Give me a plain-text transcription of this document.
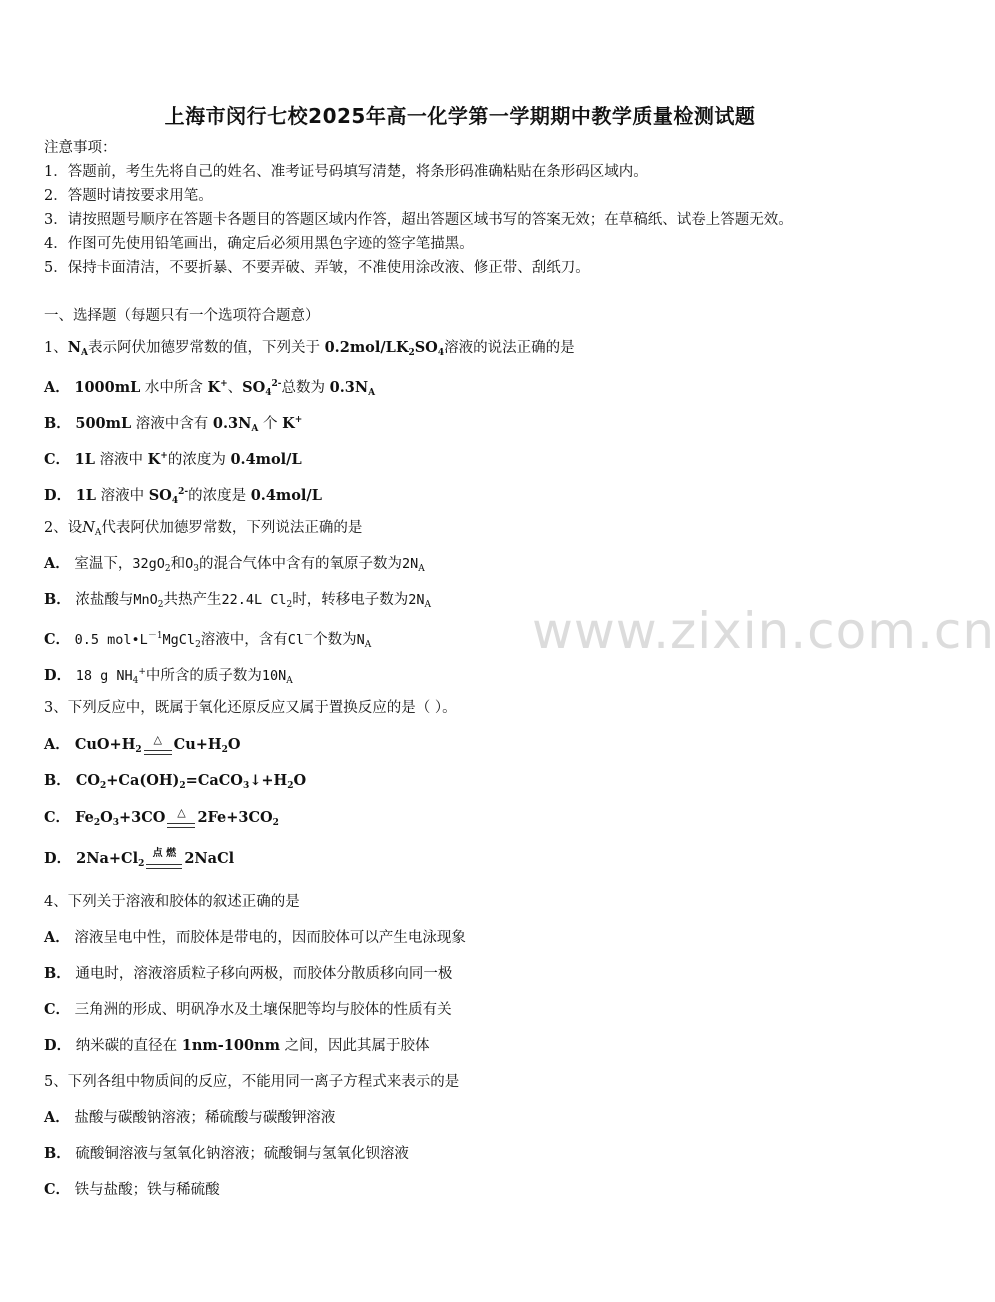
上海市闵行七校2025年高一化学第一学期期中教学质量检测试题
注意事项：
1．答题前，考生先将自己的姓名、准考证号码填写清楚，将条形码准确粘贴在条形码区域内。
2．答题时请按要求用笔。
3．请按照题号顺序在答题卡各题目的答题区域内作答，超出答题区域书写的答案无效；在草稿纸、试卷上答题无效。
4．作图可先使用铅笔画出，确定后必须用黑色字迹的签字笔描黑。
5．保持卡面清洁，不要折暴、不要弄破、弄皱，不准使用涂改液、修正带、刮纸刀。
一、选择题（每题只有一个选项符合题意）
1、$N_A$表示阿伏加德罗常数的值，下列关于 $0.2mol/LK_2SO_4$溶液的说法正确的是
A． 1000mL 水中所含 K+、$SO_4^{2-}$总数为 $0.3N_A$
B． 500mL 溶液中含有 $0.3N_A$ 个 K+
C． 1L 溶液中 K+的浓度为 0.4mol/L
D． 1L 溶液中 $SO_4^{2-}$的浓度是 0.4mol/L
2、设$N_A$代表阿伏加德罗常数，下列说法正确的是
A． 室温下，$32gO_2$和$O_3$的混合气体中含有的氧原子数为$2N_A$
B． 浓盐酸与MnO$_2$共热产生22.4L $Cl_2$时，转移电子数为$2N_A$
C． 0.5 $mol•L^{-1}MgCl_2$溶液中，含有Cl－个数为$N_A$
D． 18 g $NH_4^+$中所含的质子数为$10N_A$
3、下列反应中，既属于氧化还原反应又属于置换反应的是（ ）。
A． $CuO+H_2$
△ $Cu+H_2O$
B． $CO_2+Ca(OH)_2=CaCO_3↓+H_2O$
C． $Fe_2O_3+3CO$	△ $2Fe+3CO_2$
D． $2Na+Cl_2$
点 燃 2NaCl
4、下列关于溶液和胶体的叙述正确的是
A． 溶液呈电中性，而胶体是带电的，因而胶体可以产生电泳现象
B． 通电时，溶液溶质粒子移向两极，而胶体分散质移向同一极
C． 三角洲的形成、明矾净水及土壤保肥等均与胶体的性质有关
D． 纳米碳的直径在 1nm-100nm 之间，因此其属于胶体
5、下列各组中物质间的反应，不能用同一离子方程式来表示的是
A． 盐酸与碳酸钠溶液；稀硫酸与碳酸钾溶液
B． 硫酸铜溶液与氢氧化钠溶液；硫酸铜与氢氧化钡溶液
C． 铁与盐酸；铁与稀硫酸
www.zixin.com.cn
